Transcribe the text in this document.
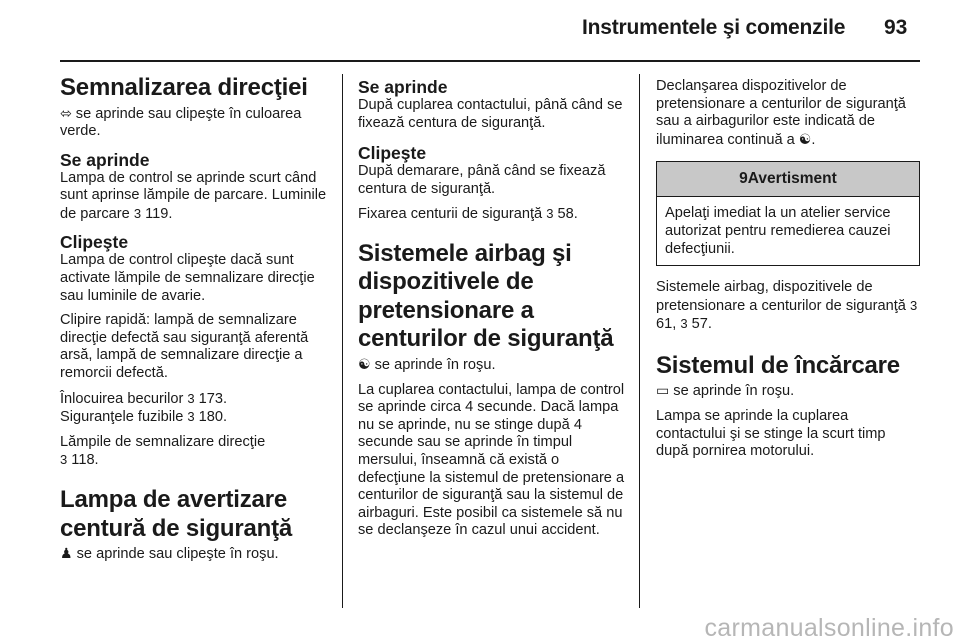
Instrumentele şi comenzile 93
Semnalizarea direcţiei

⬄ se aprinde sau clipeşte în culoarea verde.

Se aprinde

Lampa de control se aprinde scurt când sunt aprinse lămpile de parcare. Luminile de parcare 3 119.

Clipeşte

Lampa de control clipeşte dacă sunt activate lămpile de semnalizare direcţie sau luminile de avarie.

Clipire rapidă: lampă de semnalizare direcţie defectă sau siguranţă aferentă arsă, lampă de semnalizare direcţie a remorcii defectă.

Înlocuirea becurilor 3 173.
Siguranţele fuzibile 3 180.

Lămpile de semnalizare direcţie
3 118.

Lampa de avertizare centură de siguranţă

♟ se aprinde sau clipeşte în roşu.

Se aprinde

După cuplarea contactului, până când se fixează centura de siguranţă.

Clipeşte

După demarare, până când se fixează centura de siguranţă.

Fixarea centurii de siguranţă 3 58.

Sistemele airbag şi dispozitivele de pretensionare a centurilor de siguranţă

☯ se aprinde în roşu.

La cuplarea contactului, lampa de control se aprinde circa 4 secunde. Dacă lampa nu se aprinde, nu se stinge după 4 secunde sau se aprinde în timpul mersului, înseamnă că există o defecţiune la sistemul de pretensionare a centurilor de siguranţă sau la sistemul de airbaguri. Este posibil ca sistemele să nu se declanşeze în cazul unui accident.

Declanşarea dispozitivelor de pretensionare a centurilor de siguranţă sau a airbagurilor este indicată de iluminarea continuă a ☯.

9Avertisment
Apelaţi imediat la un atelier service autorizat pentru remedierea cauzei defecţiunii.

Sistemele airbag, dispozitivele de pretensionare a centurilor de siguranţă 3 61, 3 57.

Sistemul de încărcare

▭ se aprinde în roşu.

Lampa se aprinde la cuplarea contactului şi se stinge la scurt timp după pornirea motorului.

carmanualsonline.info
